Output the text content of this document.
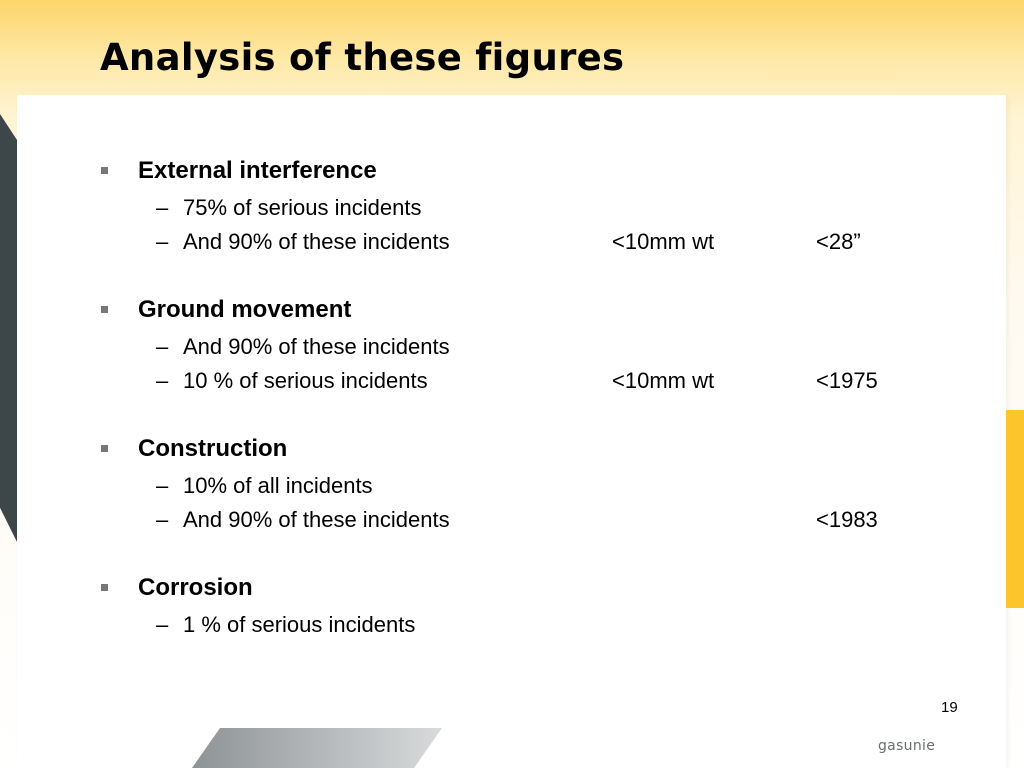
Analysis of these figures
External interference
– 75% of serious incidents
– And 90% of these incidents	<10mm wt	<28”
Ground movement
– And 90% of these incidents
– 10 % of serious incidents	<10mm wt	<1975
Construction
– 10% of all incidents
– And 90% of these incidents	<1983
Corrosion
– 1 % of serious incidents
19
gasunie
